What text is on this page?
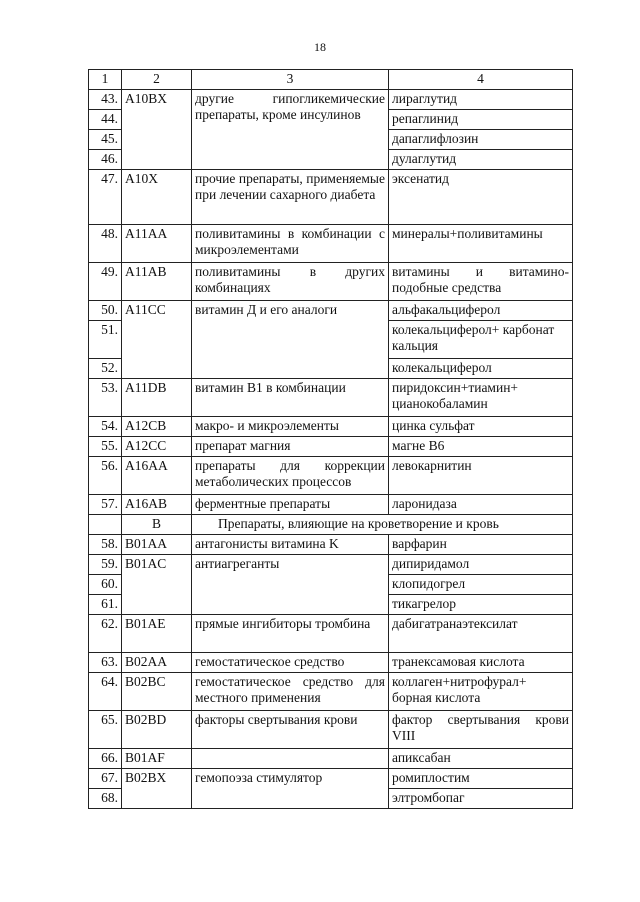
18
1	2	3	4
43.	A10BX	другие гипогликемические препараты, кроме инсулинов	лираглутид
44.			репаглинид
45.			дапаглифлозин
46.			дулаглутид
47.	A10X	прочие препараты, применяемые при лечении сахарного диабета	эксенатид
48.	A11AA	поливитамины в комбинации с микроэлементами	минералы+поливитамины
49.	A11AB	поливитамины в других комбинациях	витамины и витамино-подобные средства
50.	A11CC	витамин Д и его аналоги	альфакальциферол
51.			колекальциферол+ карбонат кальция
52.			колекальциферол
53.	A11DB	витамин B1 в комбинации	пиридоксин+тиамин+ цианокобаламин
54.	A12CB	макро- и микроэлементы	цинка сульфат
55.	A12CC	препарат магния	магне В6
56.	A16AA	препараты для коррекции метаболических процессов	левокарнитин
57.	A16AB	ферментные препараты	ларонидаза
	B	Препараты, влияющие на кроветворение и кровь	
58.	B01AA	антагонисты витамина K	варфарин
59.	B01AC	антиагреганты	дипиридамол
60.			клопидогрел
61.			тикагрелор
62.	B01AE	прямые ингибиторы тромбина	дабигатранаэтексилат
63.	B02AA	гемостатическое средство	транексамовая кислота
64.	B02BC	гемостатическое средство для местного применения	коллаген+нитрофурал+ борная кислота
65.	B02BD	факторы свертывания крови	фактор свертывания крови VIII
66.	B01AF		апиксабан
67.	B02BX	гемопоэза стимулятор	ромиплостим
68.			элтромбопаг
